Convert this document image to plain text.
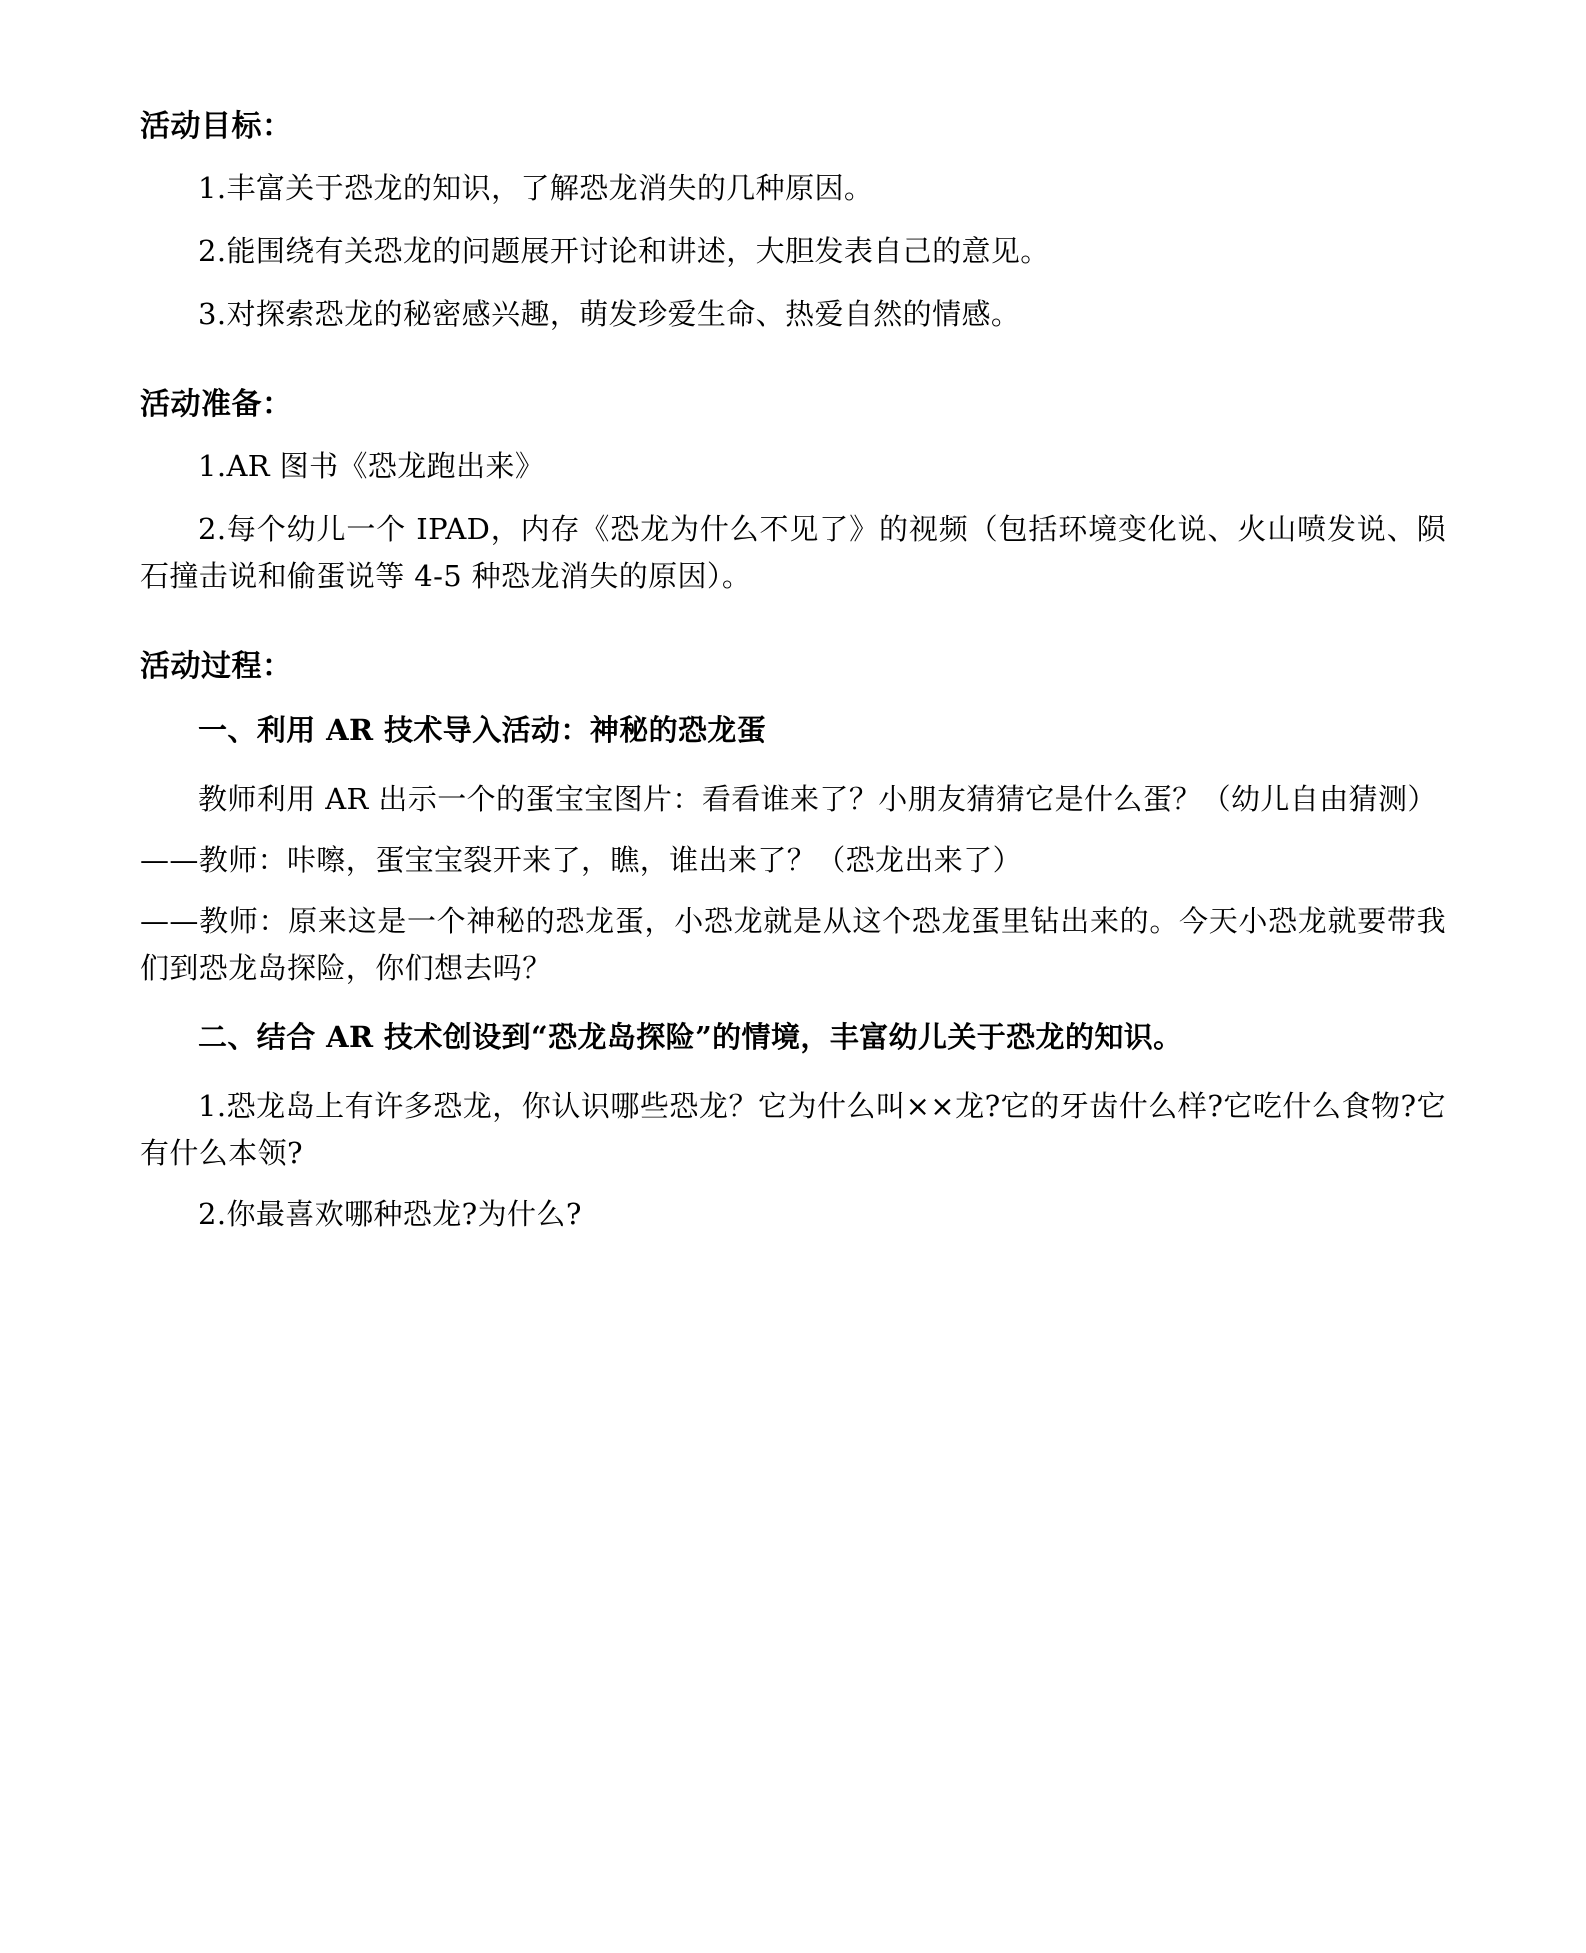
活动目标：

1.丰富关于恐龙的知识，了解恐龙消失的几种原因。

2.能围绕有关恐龙的问题展开讨论和讲述，大胆发表自己的意见。

3.对探索恐龙的秘密感兴趣，萌发珍爱生命、热爱自然的情感。

活动准备：

1.AR 图书《恐龙跑出来》

2.每个幼儿一个 IPAD，内存《恐龙为什么不见了》的视频（包括环境变化说、火山喷发说、陨石撞击说和偷蛋说等 4-5 种恐龙消失的原因）。

活动过程：
一、利用 AR 技术导入活动：神秘的恐龙蛋

教师利用 AR 出示一个的蛋宝宝图片：看看谁来了？小朋友猜猜它是什么蛋？（幼儿自由猜测）

——教师：咔嚓，蛋宝宝裂开来了，瞧，谁出来了？（恐龙出来了）

——教师：原来这是一个神秘的恐龙蛋，小恐龙就是从这个恐龙蛋里钻出来的。今天小恐龙就要带我们到恐龙岛探险，你们想去吗？

二、结合 AR 技术创设到“恐龙岛探险”的情境，丰富幼儿关于恐龙的知识。

1.恐龙岛上有许多恐龙，你认识哪些恐龙？它为什么叫××龙?它的牙齿什么样?它吃什么食物?它有什么本领?

2.你最喜欢哪种恐龙?为什么?
